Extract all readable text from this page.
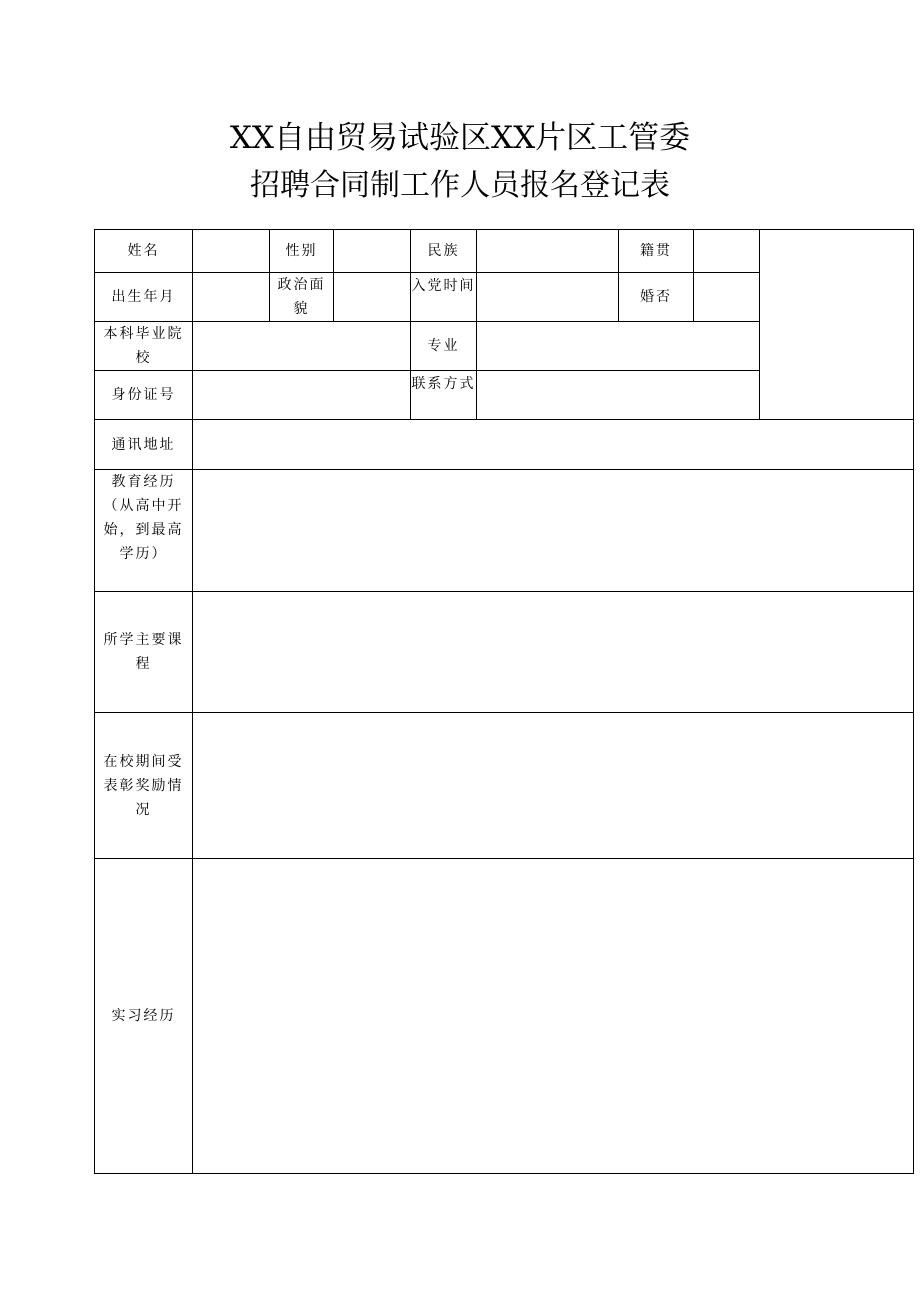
XX自由贸易试验区XX片区工管委
招聘合同制工作人员报名登记表
姓名		性别		民族		籍贯		
出生年月		政治面貌		入党时间		婚否		
本科毕业院校				专业				
身份证号				联系方式				
通讯地址								
教育经历（从高中开始，到最高学历）								
所学主要课程								
在校期间受表彰奖励情况								
实习经历								
